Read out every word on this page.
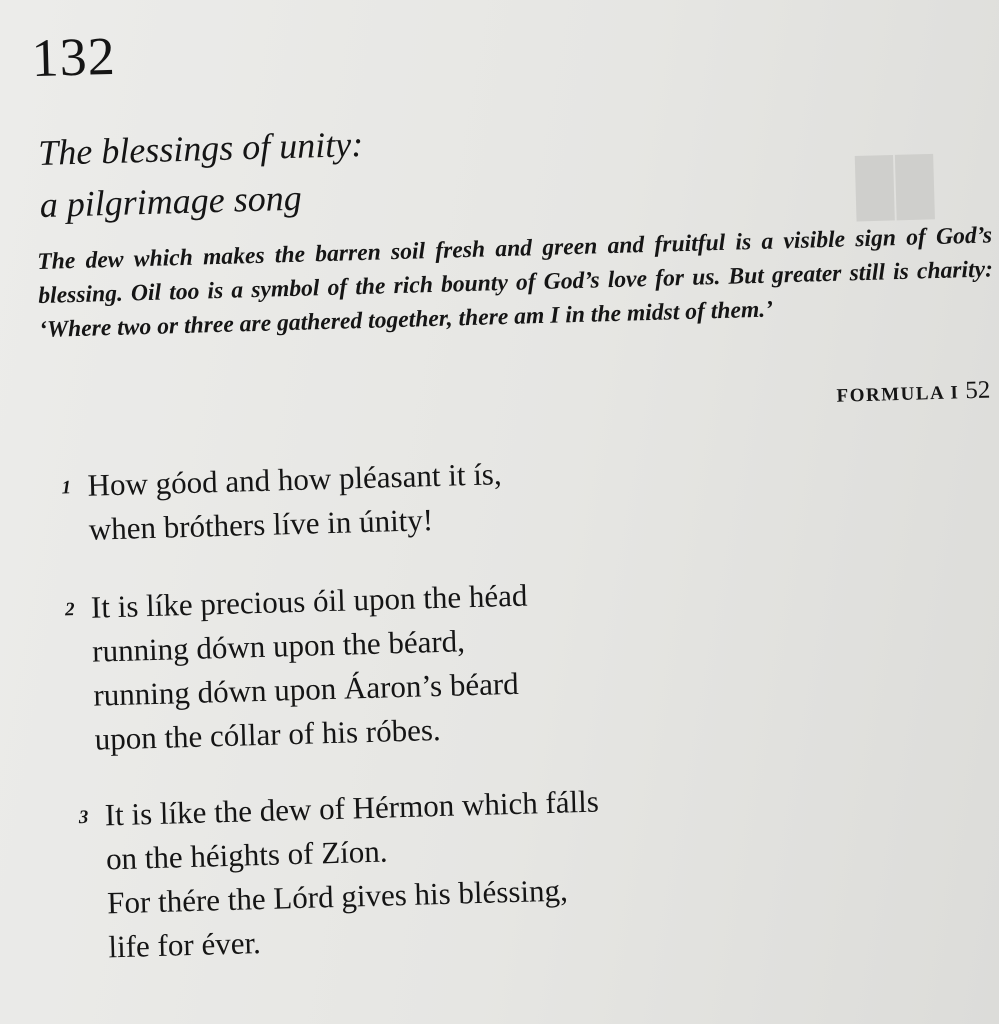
██
132
The blessings of unity:
a pilgrimage song
The dew which makes the barren soil fresh and green and fruitful is a visible sign of God’s blessing. Oil too is a symbol of the rich bounty of God’s love for us. But greater still is charity: ‘Where two or three are gathered together, there am I in the midst of them.’
FORMULA I 52
1 How góod and how pléasant it ís,
when bróthers líve in únity!
2 It is líke precious óil upon the héad
running dówn upon the béard,
running dówn upon Áaron’s béard
upon the cóllar of his róbes.
3 It is líke the dew of Hérmon which fálls
on the héights of Zíon.
For thére the Lórd gives his bléssing,
life for éver.
